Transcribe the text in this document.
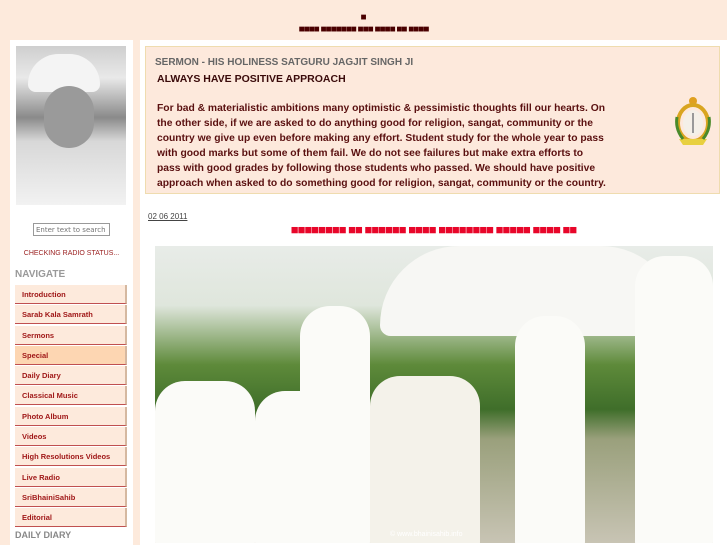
■
■■■■ ■■■■■■■ ■■■ ■■■■ ■■ ■■■■
Enter text to search
CHECKING RADIO STATUS...
NAVIGATE
Introduction
Sarab Kala Samrath
Sermons
Special
Daily Diary
Classical Music
Photo Album
Videos
High Resolutions Videos
Live Radio
SriBhainiSahib
Editorial
DAILY DIARY
SERMON - HIS HOLINESS SATGURU JAGJIT SINGH JI
ALWAYS HAVE POSITIVE APPROACH
For bad & materialistic ambitions many optimistic & pessimistic thoughts fill our hearts. On the other side, if we are asked to do anything good for religion, sangat, community or the country we give up even before making any effort. Student study for the whole year to pass with good marks but some of them fail. We do not see failures but make extra efforts to pass with good grades by following those students who passed. We should have positive approach when asked to do something good for religion, sangat, community or the country.
02 06 2011
■■■■■■■■ ■■ ■■■■■■ ■■■■ ■■■■■■■■ ■■■■■ ■■■■ ■■
© www.bhainisahib.info
